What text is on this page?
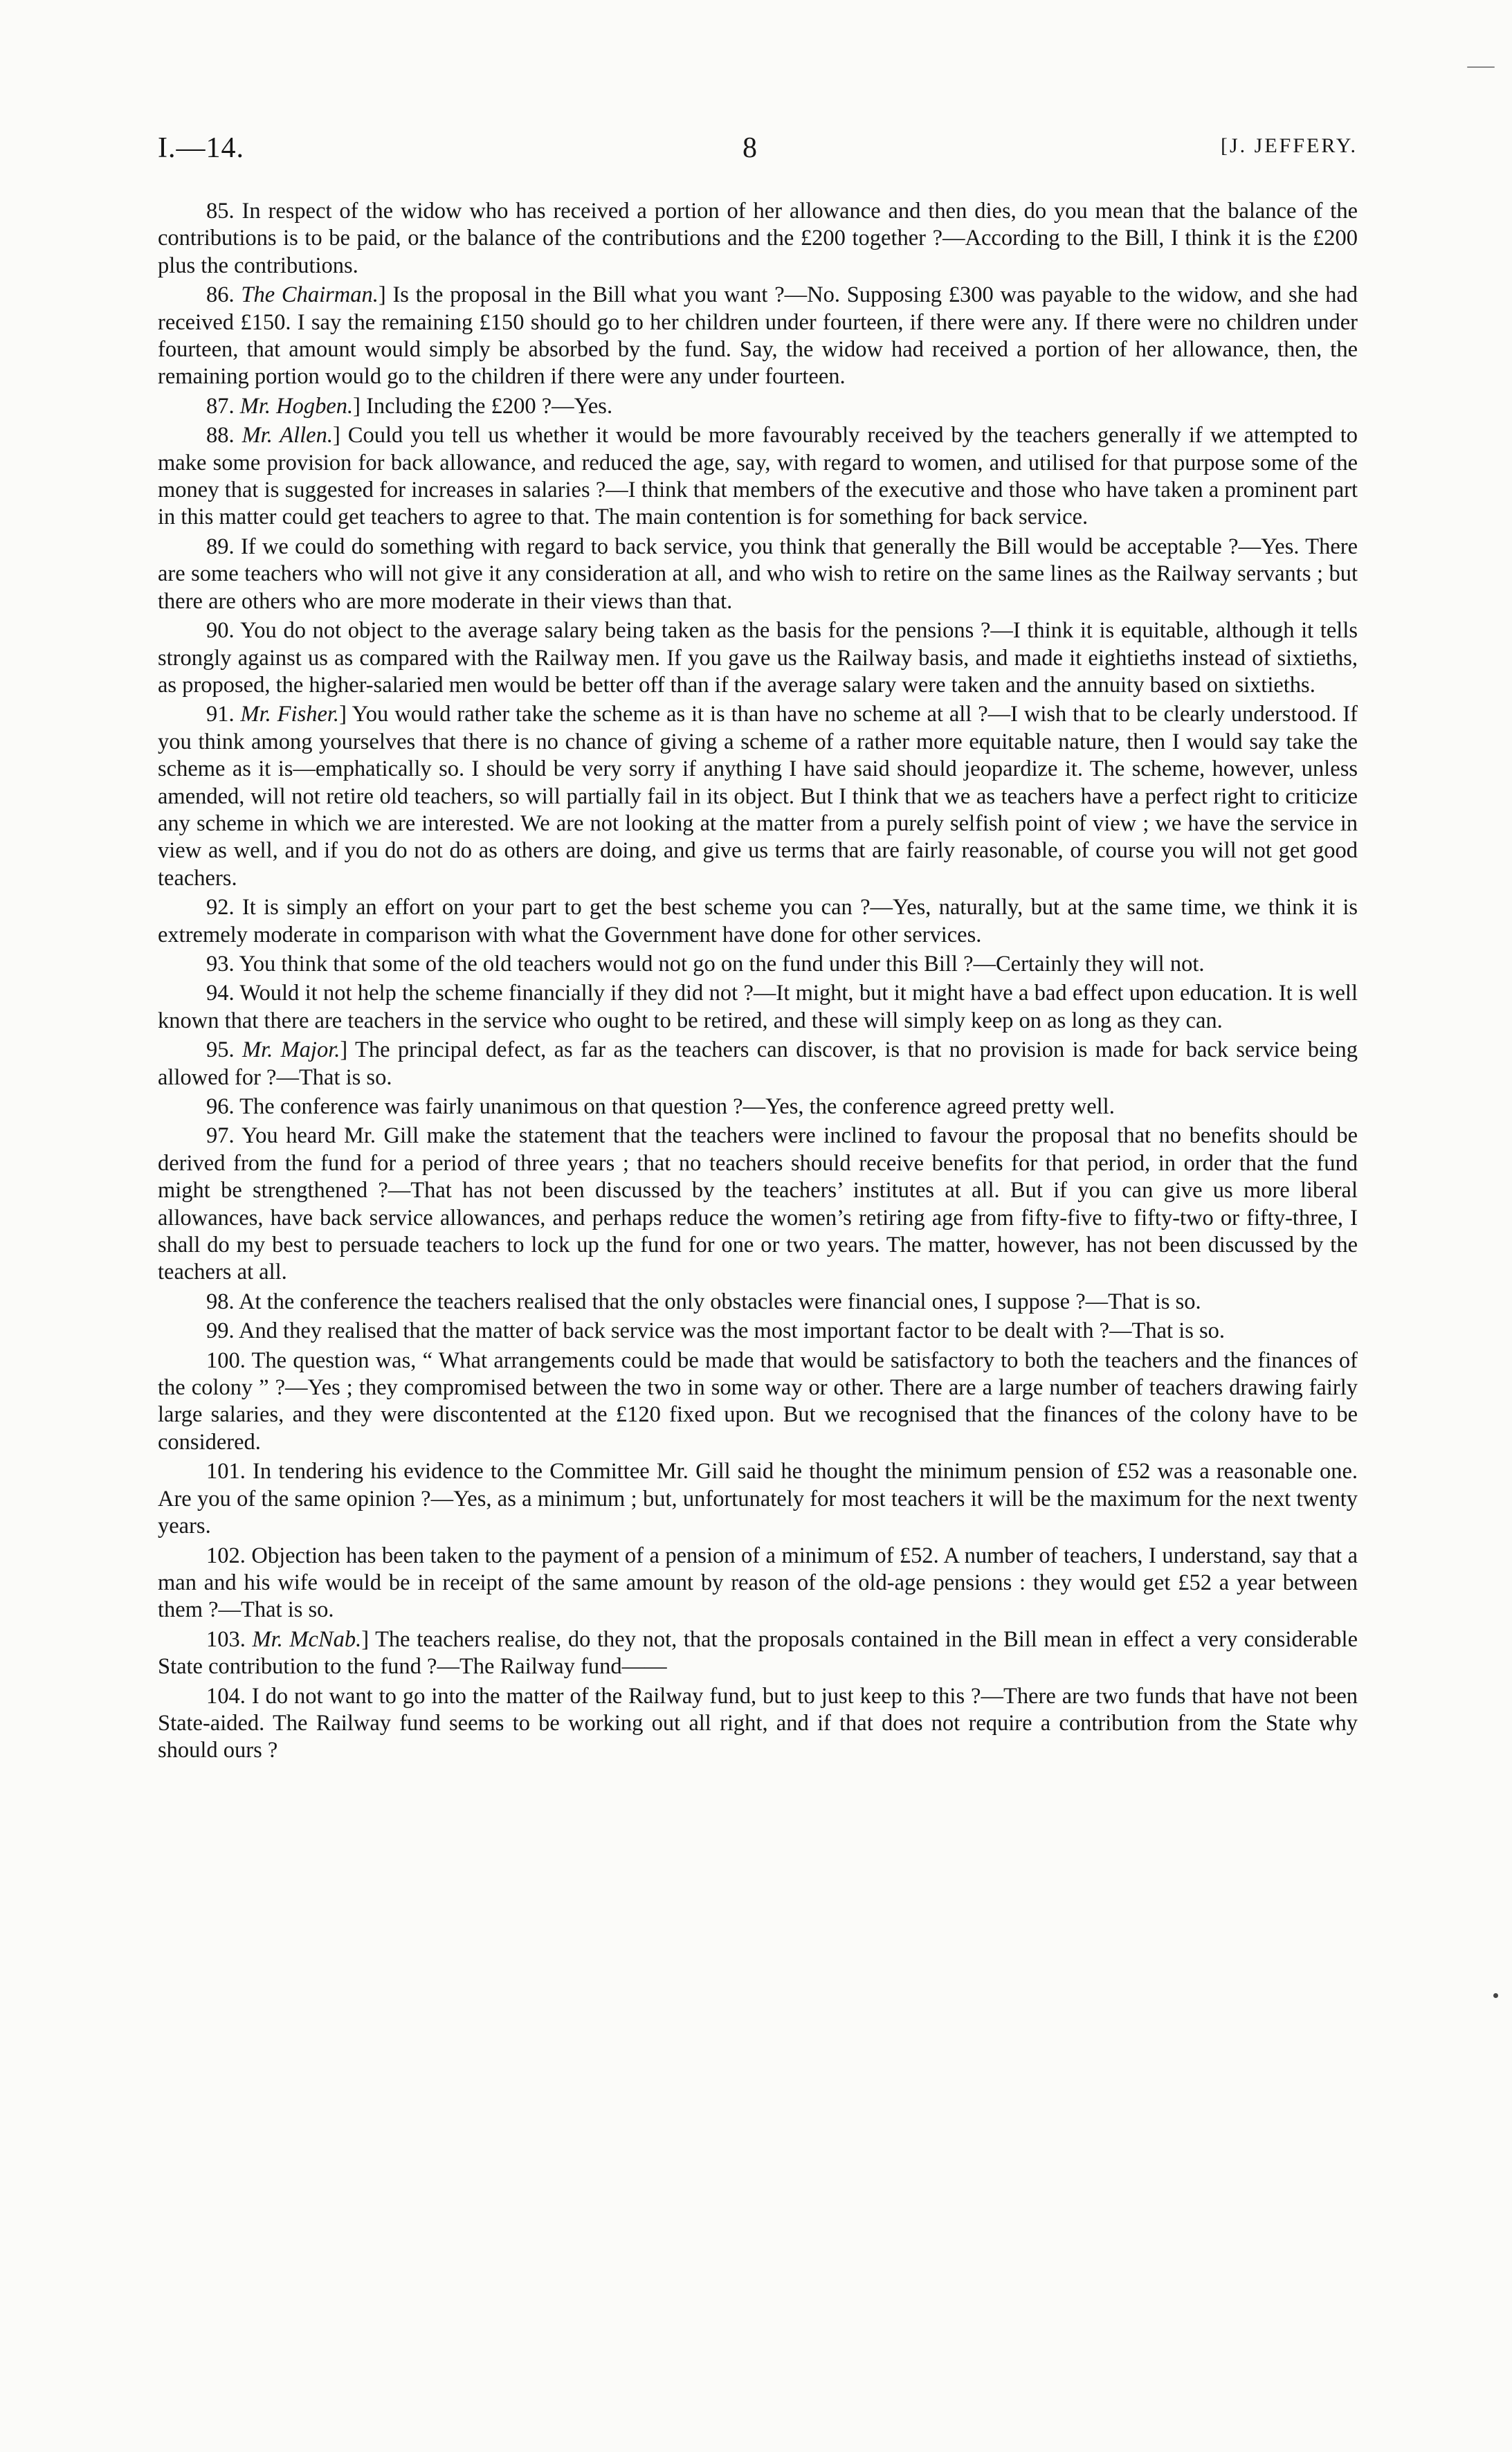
I.—14.	8	[J. JEFFERY.

85. In respect of the widow who has received a portion of her allowance and then dies, do you mean that the balance of the contributions is to be paid, or the balance of the contributions and the £200 together ?—According to the Bill, I think it is the £200 plus the contributions.

86. The Chairman.] Is the proposal in the Bill what you want ?—No. Supposing £300 was payable to the widow, and she had received £150. I say the remaining £150 should go to her children under fourteen, if there were any. If there were no children under fourteen, that amount would simply be absorbed by the fund. Say, the widow had received a portion of her allowance, then, the remaining portion would go to the children if there were any under fourteen.

87. Mr. Hogben.] Including the £200 ?—Yes.

88. Mr. Allen.] Could you tell us whether it would be more favourably received by the teachers generally if we attempted to make some provision for back allowance, and reduced the age, say, with regard to women, and utilised for that purpose some of the money that is suggested for increases in salaries ?—I think that members of the executive and those who have taken a prominent part in this matter could get teachers to agree to that. The main contention is for something for back service.

89. If we could do something with regard to back service, you think that generally the Bill would be acceptable ?—Yes. There are some teachers who will not give it any consideration at all, and who wish to retire on the same lines as the Railway servants ; but there are others who are more moderate in their views than that.

90. You do not object to the average salary being taken as the basis for the pensions ?—I think it is equitable, although it tells strongly against us as compared with the Railway men. If you gave us the Railway basis, and made it eightieths instead of sixtieths, as proposed, the higher-salaried men would be better off than if the average salary were taken and the annuity based on sixtieths.

91. Mr. Fisher.] You would rather take the scheme as it is than have no scheme at all ?—I wish that to be clearly understood. If you think among yourselves that there is no chance of giving a scheme of a rather more equitable nature, then I would say take the scheme as it is—emphatically so. I should be very sorry if anything I have said should jeopardize it. The scheme, however, unless amended, will not retire old teachers, so will partially fail in its object. But I think that we as teachers have a perfect right to criticize any scheme in which we are interested. We are not looking at the matter from a purely selfish point of view ; we have the service in view as well, and if you do not do as others are doing, and give us terms that are fairly reasonable, of course you will not get good teachers.

92. It is simply an effort on your part to get the best scheme you can ?—Yes, naturally, but at the same time, we think it is extremely moderate in comparison with what the Government have done for other services.

93. You think that some of the old teachers would not go on the fund under this Bill ?—Certainly they will not.

94. Would it not help the scheme financially if they did not ?—It might, but it might have a bad effect upon education. It is well known that there are teachers in the service who ought to be retired, and these will simply keep on as long as they can.

95. Mr. Major.] The principal defect, as far as the teachers can discover, is that no provision is made for back service being allowed for ?—That is so.

96. The conference was fairly unanimous on that question ?—Yes, the conference agreed pretty well.

97. You heard Mr. Gill make the statement that the teachers were inclined to favour the proposal that no benefits should be derived from the fund for a period of three years ; that no teachers should receive benefits for that period, in order that the fund might be strengthened ?—That has not been discussed by the teachers’ institutes at all. But if you can give us more liberal allowances, have back service allowances, and perhaps reduce the women’s retiring age from fifty-five to fifty-two or fifty-three, I shall do my best to persuade teachers to lock up the fund for one or two years. The matter, however, has not been discussed by the teachers at all.

98. At the conference the teachers realised that the only obstacles were financial ones, I suppose ?—That is so.

99. And they realised that the matter of back service was the most important factor to be dealt with ?—That is so.

100. The question was, “ What arrangements could be made that would be satisfactory to both the teachers and the finances of the colony ” ?—Yes ; they compromised between the two in some way or other. There are a large number of teachers drawing fairly large salaries, and they were discontented at the £120 fixed upon. But we recognised that the finances of the colony have to be considered.

101. In tendering his evidence to the Committee Mr. Gill said he thought the minimum pension of £52 was a reasonable one. Are you of the same opinion ?—Yes, as a minimum ; but, unfortunately for most teachers it will be the maximum for the next twenty years.

102. Objection has been taken to the payment of a pension of a minimum of £52. A number of teachers, I understand, say that a man and his wife would be in receipt of the same amount by reason of the old-age pensions : they would get £52 a year between them ?—That is so.

103. Mr. McNab.] The teachers realise, do they not, that the proposals contained in the Bill mean in effect a very considerable State contribution to the fund ?—The Railway fund——

104. I do not want to go into the matter of the Railway fund, but to just keep to this ?—There are two funds that have not been State-aided. The Railway fund seems to be working out all right, and if that does not require a contribution from the State why should ours ?
